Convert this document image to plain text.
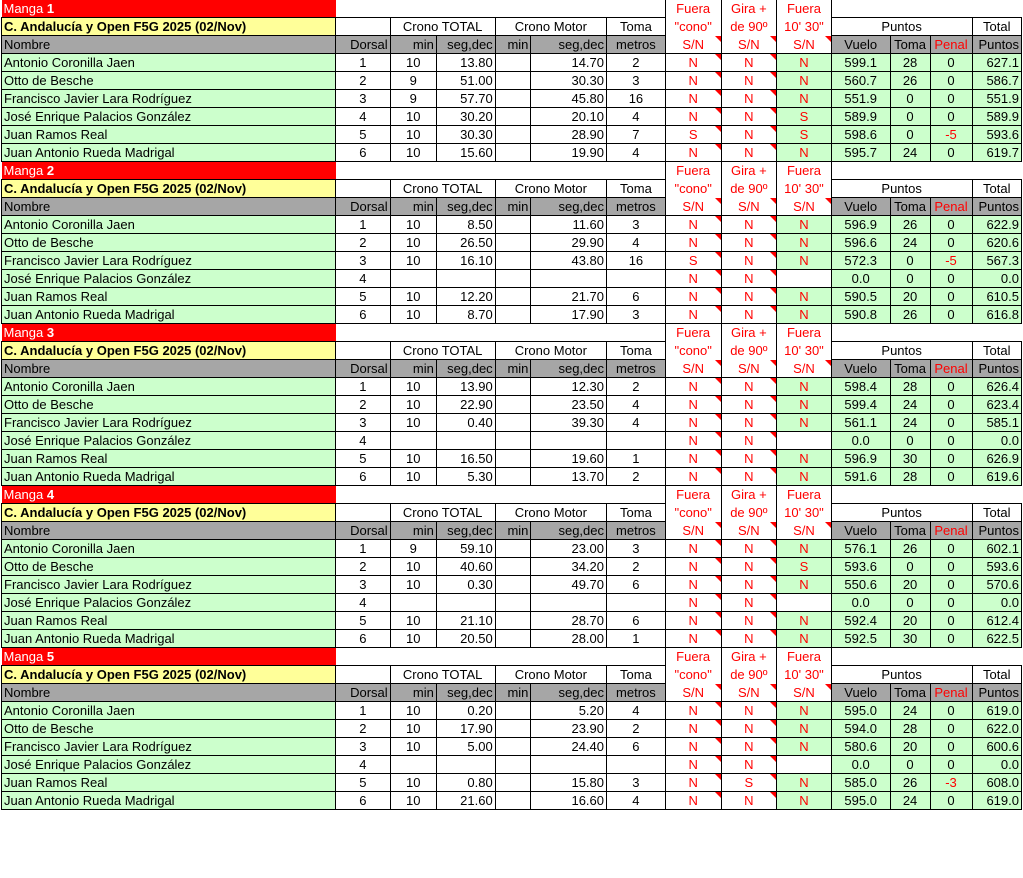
Manga 1							Fuera	Gira +	Fuera				
C. Andalucía y Open F5G 2025 (02/Nov)		Crono TOTAL		Crono Motor		Toma	"cono"	de 90º	10' 30"	Puntos			Total
Nombre	Dorsal	min	seg,dec	min	seg,dec	metros	S/N	S/N	S/N	Vuelo	Toma	Penal	Puntos
Antonio Coronilla Jaen	1	10	13.80		14.70	2	N	N	N	599.1	28	0	627.1
Otto de Besche	2	9	51.00		30.30	3	N	N	N	560.7	26	0	586.7
Francisco Javier Lara Rodríguez	3	9	57.70		45.80	16	N	N	N	551.9	0	0	551.9
José Enrique Palacios González	4	10	30.20		20.10	4	N	N	S	589.9	0	0	589.9
Juan Ramos Real	5	10	30.30		28.90	7	S	N	S	598.6	0	-5	593.6
Juan Antonio Rueda Madrigal	6	10	15.60		19.90	4	N	N	N	595.7	24	0	619.7
Manga 2							Fuera	Gira +	Fuera				
C. Andalucía y Open F5G 2025 (02/Nov)		Crono TOTAL		Crono Motor		Toma	"cono"	de 90º	10' 30"	Puntos			Total
Nombre	Dorsal	min	seg,dec	min	seg,dec	metros	S/N	S/N	S/N	Vuelo	Toma	Penal	Puntos
Antonio Coronilla Jaen	1	10	8.50		11.60	3	N	N	N	596.9	26	0	622.9
Otto de Besche	2	10	26.50		29.90	4	N	N	N	596.6	24	0	620.6
Francisco Javier Lara Rodríguez	3	10	16.10		43.80	16	S	N	N	572.3	0	-5	567.3
José Enrique Palacios González	4						N	N		0.0	0	0	0.0
Juan Ramos Real	5	10	12.20		21.70	6	N	N	N	590.5	20	0	610.5
Juan Antonio Rueda Madrigal	6	10	8.70		17.90	3	N	N	N	590.8	26	0	616.8
Manga 3							Fuera	Gira +	Fuera				
C. Andalucía y Open F5G 2025 (02/Nov)		Crono TOTAL		Crono Motor		Toma	"cono"	de 90º	10' 30"	Puntos			Total
Nombre	Dorsal	min	seg,dec	min	seg,dec	metros	S/N	S/N	S/N	Vuelo	Toma	Penal	Puntos
Antonio Coronilla Jaen	1	10	13.90		12.30	2	N	N	N	598.4	28	0	626.4
Otto de Besche	2	10	22.90		23.50	4	N	N	N	599.4	24	0	623.4
Francisco Javier Lara Rodríguez	3	10	0.40		39.30	4	N	N	N	561.1	24	0	585.1
José Enrique Palacios González	4						N	N		0.0	0	0	0.0
Juan Ramos Real	5	10	16.50		19.60	1	N	N	N	596.9	30	0	626.9
Juan Antonio Rueda Madrigal	6	10	5.30		13.70	2	N	N	N	591.6	28	0	619.6
Manga 4							Fuera	Gira +	Fuera				
C. Andalucía y Open F5G 2025 (02/Nov)		Crono TOTAL		Crono Motor		Toma	"cono"	de 90º	10' 30"	Puntos			Total
Nombre	Dorsal	min	seg,dec	min	seg,dec	metros	S/N	S/N	S/N	Vuelo	Toma	Penal	Puntos
Antonio Coronilla Jaen	1	9	59.10		23.00	3	N	N	N	576.1	26	0	602.1
Otto de Besche	2	10	40.60		34.20	2	N	N	S	593.6	0	0	593.6
Francisco Javier Lara Rodríguez	3	10	0.30		49.70	6	N	N	N	550.6	20	0	570.6
José Enrique Palacios González	4						N	N		0.0	0	0	0.0
Juan Ramos Real	5	10	21.10		28.70	6	N	N	N	592.4	20	0	612.4
Juan Antonio Rueda Madrigal	6	10	20.50		28.00	1	N	N	N	592.5	30	0	622.5
Manga 5							Fuera	Gira +	Fuera				
C. Andalucía y Open F5G 2025 (02/Nov)		Crono TOTAL		Crono Motor		Toma	"cono"	de 90º	10' 30"	Puntos			Total
Nombre	Dorsal	min	seg,dec	min	seg,dec	metros	S/N	S/N	S/N	Vuelo	Toma	Penal	Puntos
Antonio Coronilla Jaen	1	10	0.20		5.20	4	N	N	N	595.0	24	0	619.0
Otto de Besche	2	10	17.90		23.90	2	N	N	N	594.0	28	0	622.0
Francisco Javier Lara Rodríguez	3	10	5.00		24.40	6	N	N	N	580.6	20	0	600.6
José Enrique Palacios González	4						N	N		0.0	0	0	0.0
Juan Ramos Real	5	10	0.80		15.80	3	N	S	N	585.0	26	-3	608.0
Juan Antonio Rueda Madrigal	6	10	21.60		16.60	4	N	N	N	595.0	24	0	619.0
